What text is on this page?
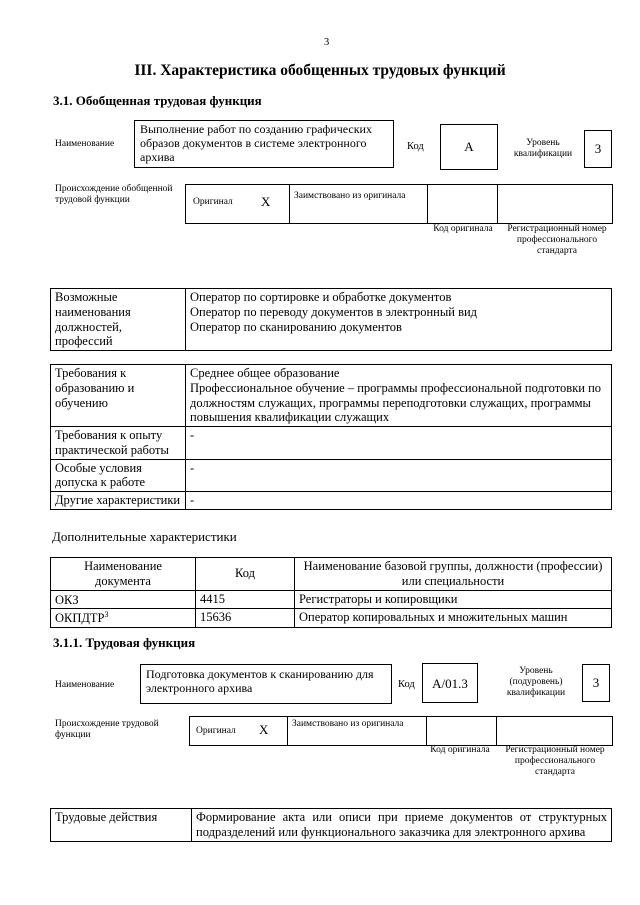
3
III. Характеристика обобщенных трудовых функций
3.1. Обобщенная трудовая функция
Наименование
Выполнение работ по созданию графических образов документов в системе электронного архива
Код	А	Уровень квалификации	3
Происхождение обобщенной трудовой функции	Оригинал X Заимствовано из оригинала
Код оригинала	Регистрационный номер профессионального стандарта
Возможные наименования должностей, профессий	
Оператор по сортировке и обработке документов
Оператор по переводу документов в электронный вид
Оператор по сканированию документов
Требования к образованию и обучению	Среднее общее образование
Профессиональное обучение – программы профессиональной подготовки по должностям служащих, программы переподготовки служащих, программы повышения квалификации служащих

Требования к опыту практической работы	-
Особые условия допуска к работе	-
Другие характеристики	-
Дополнительные характеристики
Наименование документа	Код	Наименование базовой группы, должности (профессии) или специальности
ОКЗ	4415	Регистраторы и копировщики
ОКПДТР$^3$	15636	Оператор копировальных и множительных машин
3.1.1. Трудовая функция
Наименование
Подготовка документов к сканированию для электронного архива	Код	А/01.3
Уровень (подуровень) квалификации
3
Происхождение трудовой функции	Оригинал X Заимствовано из оригинала
Код оригинала	Регистрационный номер профессионального стандарта
Трудовые действия	Формирование акта или описи при приеме документов от структурных подразделений или функционального заказчика для электронного архива
